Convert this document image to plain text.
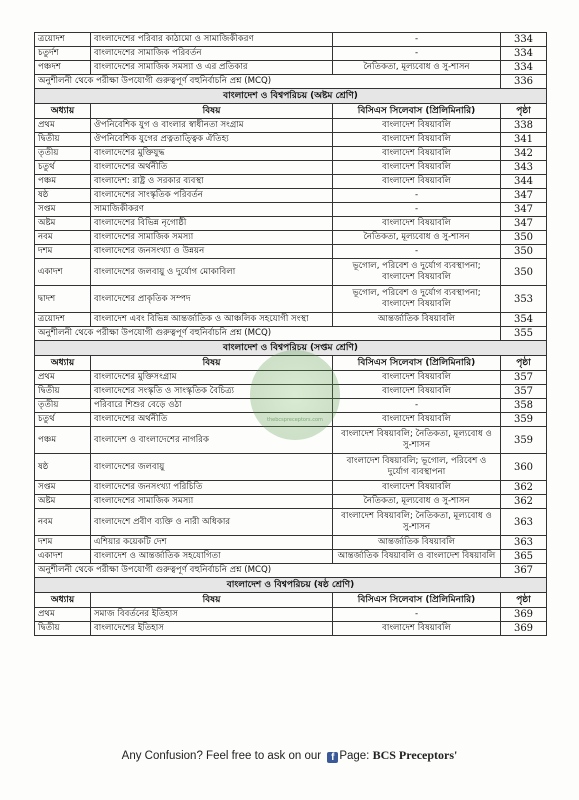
ত্রয়োদশ	বাংলাদেশের পরিবার কাঠামো ও সামাজিকীকরণ	-	334
চতুর্দশ	বাংলাদেশের সামাজিক পরিবর্তন	-	334
পঞ্চদশ	বাংলাদেশের সামাজিক সমস্যা ও এর প্রতিকার	নৈতিকতা, মূল্যবোধ ও সু-শাসন	334
অনুশীলনী থেকে পরীক্ষা উপযোগী গুরুত্বপূর্ণ বহুনির্বাচনি প্রশ্ন (MCQ)			336
বাংলাদেশ ও বিশ্বপরিচয় (অষ্টম শ্রেণি)			
অধ্যায়	বিষয়	বিসিএস সিলেবাস (প্রিলিমিনারি)	পৃষ্ঠা
প্রথম	ঔপনিবেশিক যুগ ও বাংলার স্বাধীনতা সংগ্রাম	বাংলাদেশ বিষয়াবলি	338
দ্বিতীয়	ঔপনিবেশিক যুগের প্রত্নতাত্ত্বিক ঐতিহ্য	বাংলাদেশ বিষয়াবলি	341
তৃতীয়	বাংলাদেশের মুক্তিযুদ্ধ	বাংলাদেশ বিষয়াবলি	342
চতুর্থ	বাংলাদেশের অর্থনীতি	বাংলাদেশ বিষয়াবলি	343
পঞ্চম	বাংলাদেশ: রাষ্ট্র ও সরকার ব্যবস্থা	বাংলাদেশ বিষয়াবলি	344
ষষ্ঠ	বাংলাদেশের সাংস্কৃতিক পরিবর্তন	-	347
সপ্তম	সামাজিকীকরণ	-	347
অষ্টম	বাংলাদেশের বিভিন্ন নৃগোষ্ঠী	বাংলাদেশ বিষয়াবলি	347
নবম	বাংলাদেশের সামাজিক সমস্যা	নৈতিকতা, মূল্যবোধ ও সু-শাসন	350
দশম	বাংলাদেশের জনসংখ্যা ও উন্নয়ন	-	350
একাদশ	বাংলাদেশের জলবায়ু ও দুর্যোগ মোকাবিলা	ভূগোল, পরিবেশ ও দুর্যোগ ব্যবস্থাপনা; বাংলাদেশ বিষয়াবলি	350
দ্বাদশ	বাংলাদেশের প্রাকৃতিক সম্পদ	ভূগোল, পরিবেশ ও দুর্যোগ ব্যবস্থাপনা; বাংলাদেশ বিষয়াবলি	353
ত্রয়োদশ	বাংলাদেশ এবং বিভিন্ন আন্তর্জাতিক ও আঞ্চলিক সহযোগী সংস্থা	আন্তর্জাতিক বিষয়াবলি	354
অনুশীলনী থেকে পরীক্ষা উপযোগী গুরুত্বপূর্ণ বহুনির্বাচনি প্রশ্ন (MCQ)			355
বাংলাদেশ ও বিশ্বপরিচয় (সপ্তম শ্রেণি)			
অধ্যায়	বিষয়	বিসিএস সিলেবাস (প্রিলিমিনারি)	পৃষ্ঠা
প্রথম	বাংলাদেশের মুক্তিসংগ্রাম	বাংলাদেশ বিষয়াবলি	357
দ্বিতীয়	বাংলাদেশের সংস্কৃতি ও সাংস্কৃতিক বৈচিত্র্য	বাংলাদেশ বিষয়াবলি	357
তৃতীয়	পরিবারে শিশুর বেড়ে ওঠা	-	358
চতুর্থ	বাংলাদেশের অর্থনীতি	বাংলাদেশ বিষয়াবলি	359
পঞ্চম	বাংলাদেশ ও বাংলাদেশের নাগরিক	বাংলাদেশ বিষয়াবলি; নৈতিকতা, মূল্যবোধ ও সু-শাসন	359
ষষ্ঠ	বাংলাদেশের জলবায়ু	বাংলাদেশ বিষয়াবলি; ভূগোল, পরিবেশ ও দুর্যোগ ব্যবস্থাপনা	360
সপ্তম	বাংলাদেশের জনসংখ্যা পরিচিতি	বাংলাদেশ বিষয়াবলি	362
অষ্টম	বাংলাদেশের সামাজিক সমস্যা	নৈতিকতা, মূল্যবোধ ও সু-শাসন	362
নবম	বাংলাদেশে প্রবীণ ব্যক্তি ও নারী অধিকার	বাংলাদেশ বিষয়াবলি; নৈতিকতা, মূল্যবোধ ও সু-শাসন	363
দশম	এশিয়ার কয়েকটি দেশ	আন্তর্জাতিক বিষয়াবলি	363
একাদশ	বাংলাদেশ ও আন্তর্জাতিক সহযোগিতা	আন্তর্জাতিক বিষয়াবলি ও বাংলাদেশ বিষয়াবলি	365
অনুশীলনী থেকে পরীক্ষা উপযোগী গুরুত্বপূর্ণ বহুনির্বাচনি প্রশ্ন (MCQ)			367
বাংলাদেশ ও বিশ্বপরিচয় (ষষ্ঠ শ্রেণি)			
অধ্যায়	বিষয়	বিসিএস সিলেবাস (প্রিলিমিনারি)	পৃষ্ঠা
প্রথম	সমাজ বিবর্তনের ইতিহাস	-	369
দ্বিতীয়	বাংলাদেশের ইতিহাস	বাংলাদেশ বিষয়াবলি	369
thebcspreceptors.com
Any Confusion? Feel free to ask on our f Page: BCS Preceptors'
